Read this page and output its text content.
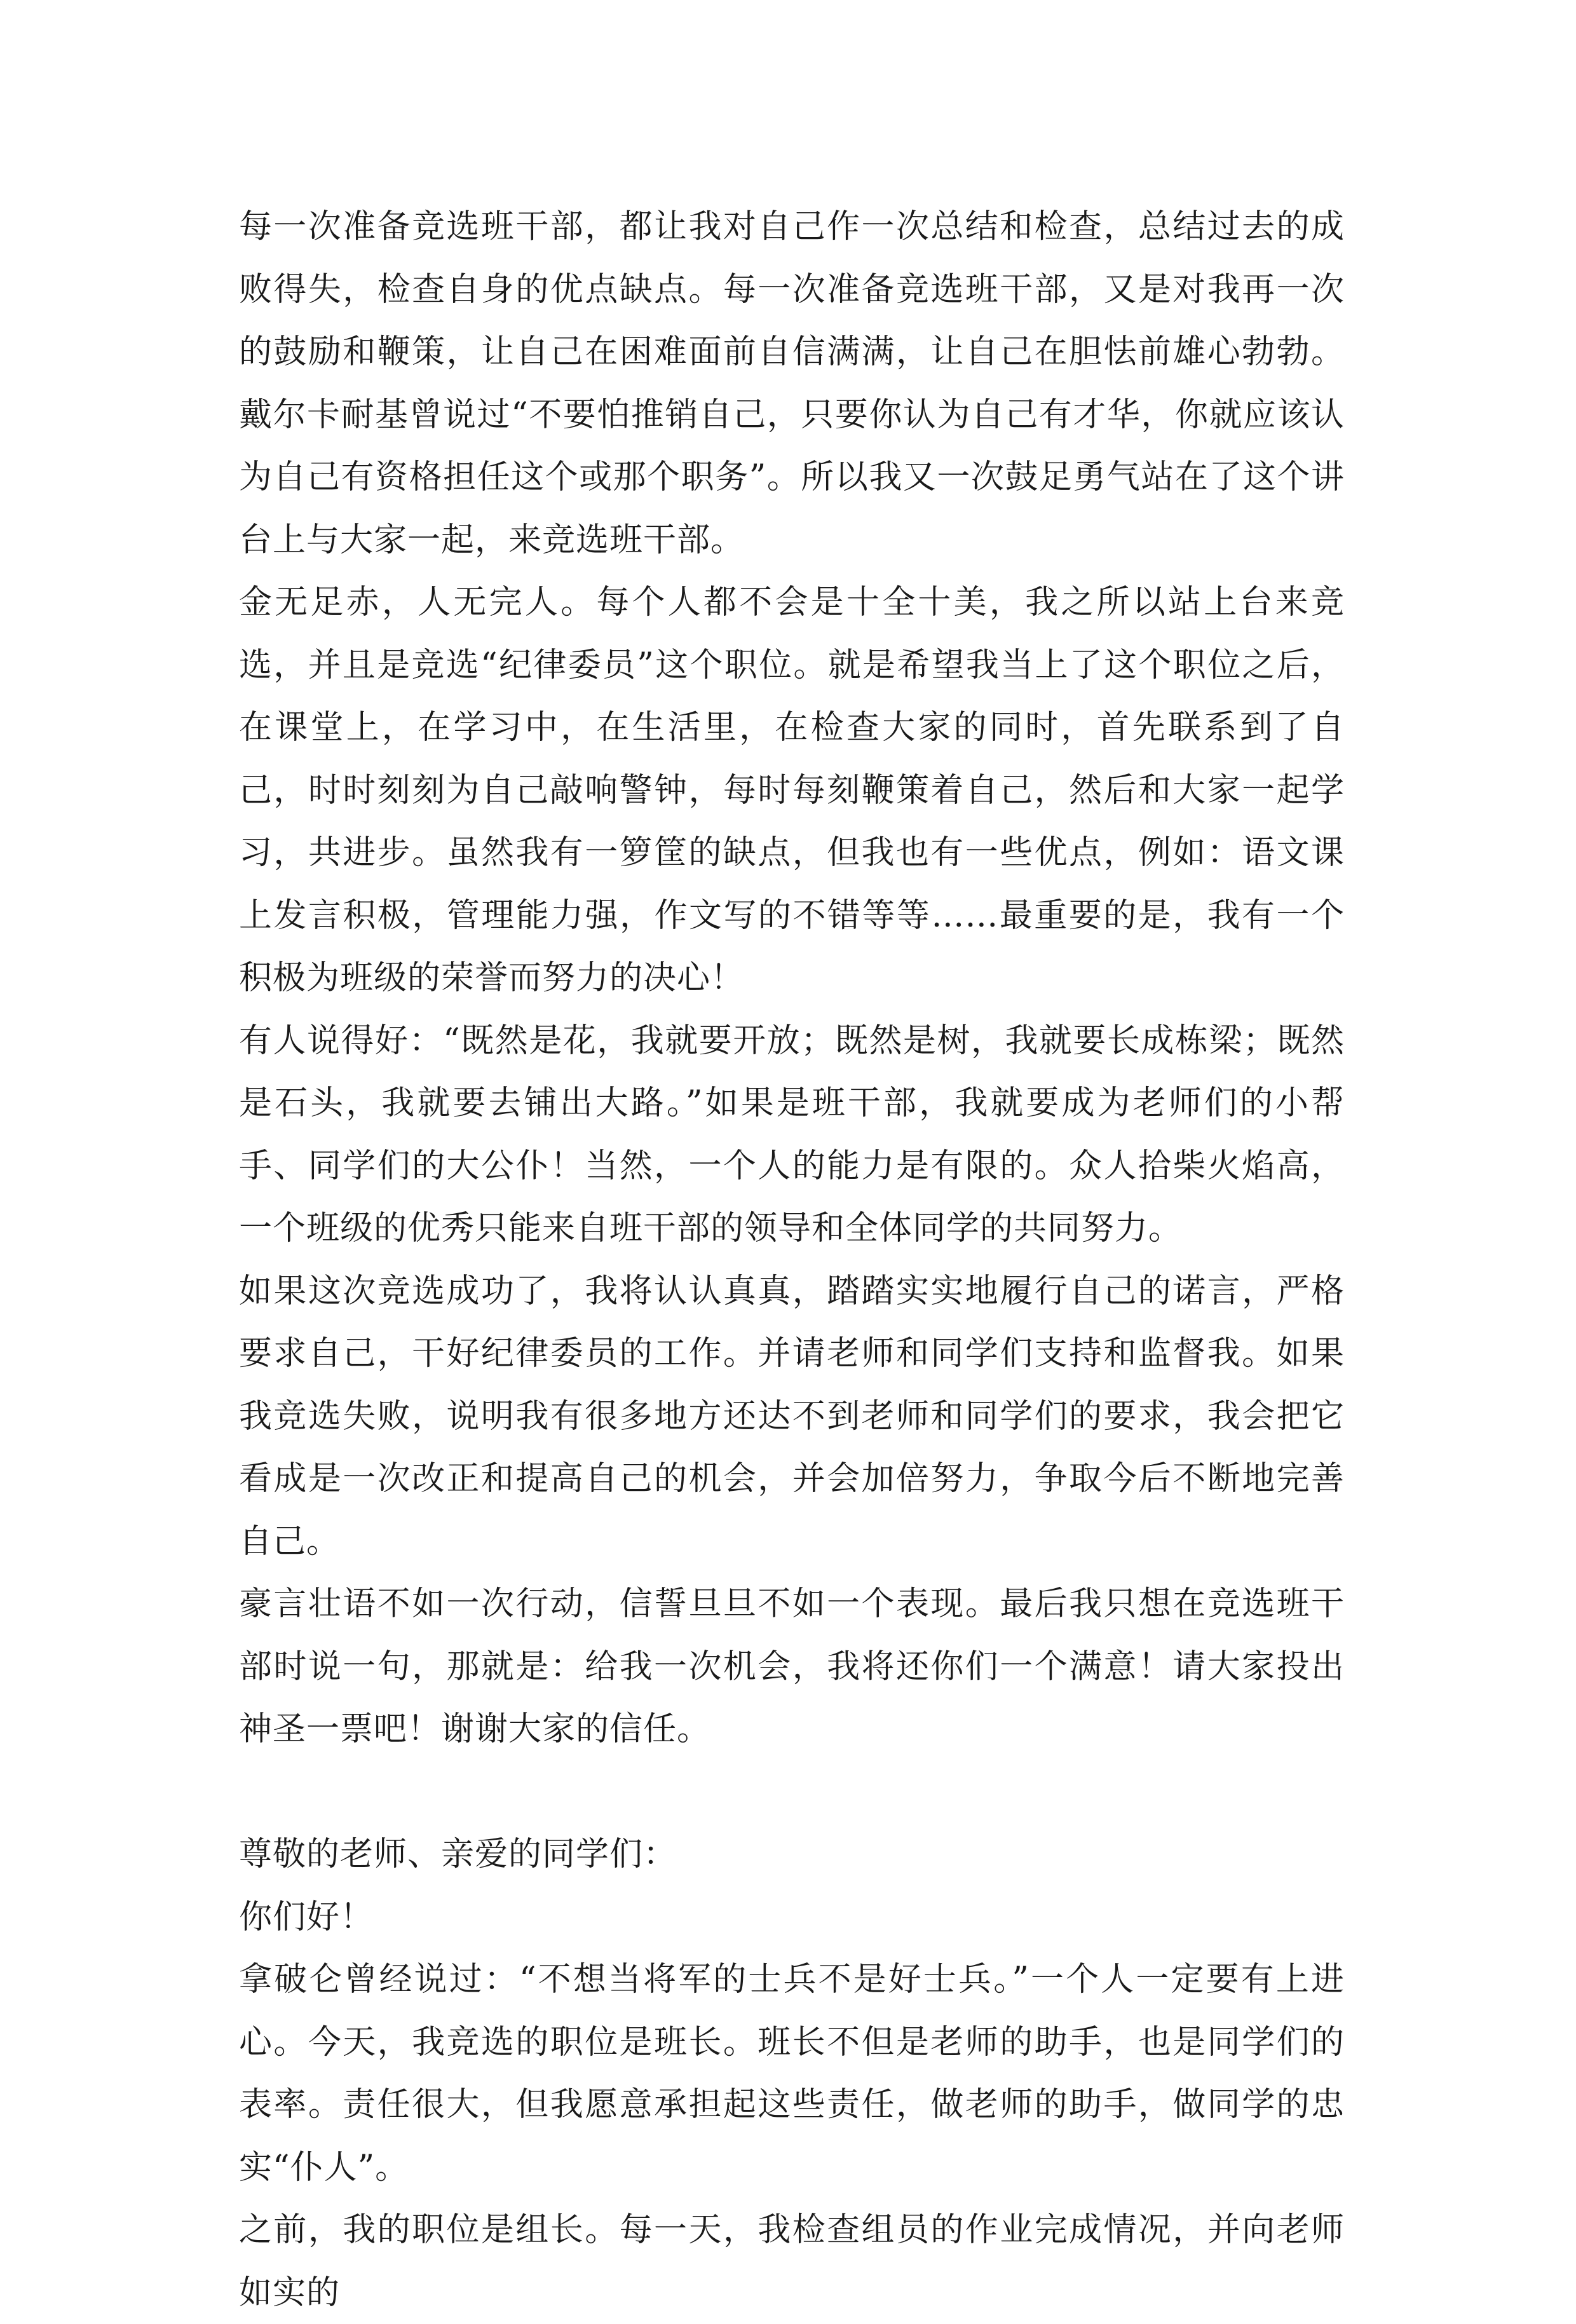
每一次准备竞选班干部，都让我对自己作一次总结和检查，总结过去的成败得失，检查自身的优点缺点。每一次准备竞选班干部，又是对我再一次的鼓励和鞭策，让自己在困难面前自信满满，让自己在胆怯前雄心勃勃。戴尔卡耐基曾说过“不要怕推销自己，只要你认为自己有才华，你就应该认为自己有资格担任这个或那个职务”。所以我又一次鼓足勇气站在了这个讲台上与大家一起，来竞选班干部。

金无足赤，人无完人。每个人都不会是十全十美，我之所以站上台来竞选，并且是竞选“纪律委员”这个职位。就是希望我当上了这个职位之后，在课堂上，在学习中，在生活里，在检查大家的同时，首先联系到了自己，时时刻刻为自己敲响警钟，每时每刻鞭策着自己，然后和大家一起学习，共进步。虽然我有一箩筐的缺点，但我也有一些优点，例如：语文课上发言积极，管理能力强，作文写的不错等等……最重要的是，我有一个积极为班级的荣誉而努力的决心！

有人说得好：“既然是花，我就要开放；既然是树，我就要长成栋梁；既然是石头，我就要去铺出大路。”如果是班干部，我就要成为老师们的小帮手、同学们的大公仆！当然，一个人的能力是有限的。众人拾柴火焰高，一个班级的优秀只能来自班干部的领导和全体同学的共同努力。

如果这次竞选成功了，我将认认真真，踏踏实实地履行自己的诺言，严格要求自己，干好纪律委员的工作。并请老师和同学们支持和监督我。如果我竞选失败，说明我有很多地方还达不到老师和同学们的要求，我会把它看成是一次改正和提高自己的机会，并会加倍努力，争取今后不断地完善自己。

豪言壮语不如一次行动，信誓旦旦不如一个表现。最后我只想在竞选班干部时说一句，那就是：给我一次机会，我将还你们一个满意！请大家投出神圣一票吧！谢谢大家的信任。

尊敬的老师、亲爱的同学们：

你们好！

拿破仑曾经说过：“不想当将军的士兵不是好士兵。”一个人一定要有上进心。今天，我竞选的职位是班长。班长不但是老师的助手，也是同学们的表率。责任很大，但我愿意承担起这些责任，做老师的助手，做同学的忠实“仆人”。

之前，我的职位是组长。每一天，我检查组员的作业完成情况，并向老师如实的
